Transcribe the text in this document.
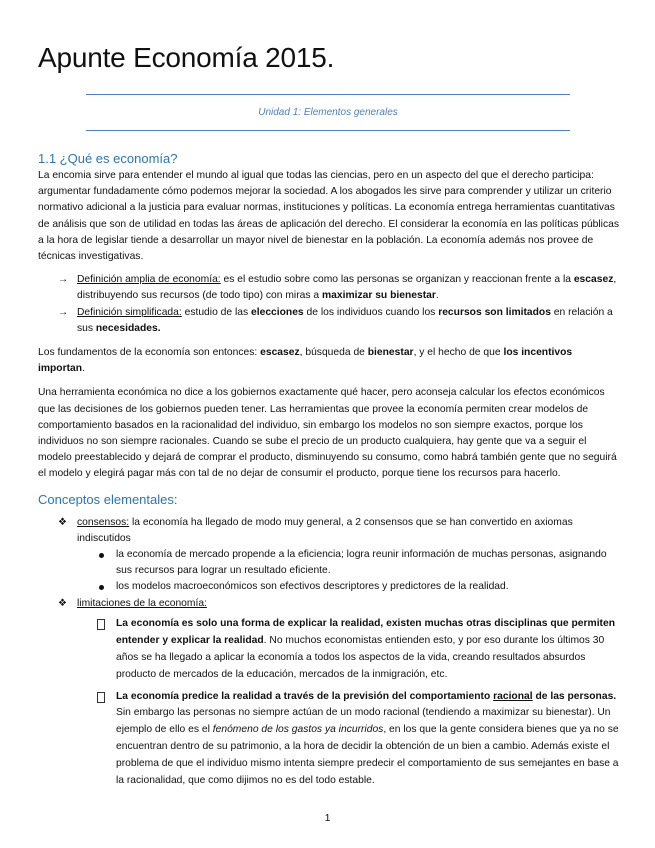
Apunte Economía 2015.

Unidad 1: Elementos generales

1.1 ¿Qué es economía?

La encomia sirve para entender el mundo al igual que todas las ciencias, pero en un aspecto del que el derecho participa: argumentar fundadamente cómo podemos mejorar la sociedad. A los abogados les sirve para comprender y utilizar un criterio normativo adicional a la justicia para evaluar normas, instituciones y políticas. La economía entrega herramientas cuantitativas de análisis que son de utilidad en todas las áreas de aplicación del derecho. El considerar la economía en las políticas públicas a la hora de legislar tiende a desarrollar un mayor nivel de bienestar en la población. La economía además nos provee de técnicas investigativas.

→ Definición amplia de economía: es el estudio sobre como las personas se organizan y reaccionan frente a la escasez, distribuyendo sus recursos (de todo tipo) con miras a maximizar su bienestar.
→ Definición simplificada: estudio de las elecciones de los individuos cuando los recursos son limitados en relación a sus necesidades.

Los fundamentos de la economía son entonces: escasez, búsqueda de bienestar, y el hecho de que los incentivos importan.

Una herramienta económica no dice a los gobiernos exactamente qué hacer, pero aconseja calcular los efectos económicos que las decisiones de los gobiernos pueden tener. Las herramientas que provee la economía permiten crear modelos de comportamiento basados en la racionalidad del individuo, sin embargo los modelos no son siempre exactos, porque los individuos no son siempre racionales. Cuando se sube el precio de un producto cualquiera, hay gente que va a seguir el modelo preestablecido y dejará de comprar el producto, disminuyendo su consumo, como habrá también gente que no seguirá el modelo y elegirá pagar más con tal de no dejar de consumir el producto, porque tiene los recursos para hacerlo.

Conceptos elementales:
❖ consensos: la economía ha llegado de modo muy general, a 2 consensos que se han convertido en axiomas indiscutidos
la economía de mercado propende a la eficiencia; logra reunir información de muchas personas, asignando sus recursos para lograr un resultado eficiente.
los modelos macroeconómicos son efectivos descriptores y predictores de la realidad.
❖ limitaciones de la economía:
La economía es solo una forma de explicar la realidad, existen muchas otras disciplinas que permiten entender y explicar la realidad. No muchos economistas entienden esto, y por eso durante los últimos 30 años se ha llegado a aplicar la economía a todos los aspectos de la vida, creando resultados absurdos producto de mercados de la educación, mercados de la inmigración, etc.
La economía predice la realidad a través de la previsión del comportamiento racional de las personas. Sin embargo las personas no siempre actúan de un modo racional (tendiendo a maximizar su bienestar). Un ejemplo de ello es el fenómeno de los gastos ya incurridos, en los que la gente considera bienes que ya no se encuentran dentro de su patrimonio, a la hora de decidir la obtención de un bien a cambio. Además existe el problema de que el individuo mismo intenta siempre predecir el comportamiento de sus semejantes en base a la racionalidad, que como dijimos no es del todo estable.
1
